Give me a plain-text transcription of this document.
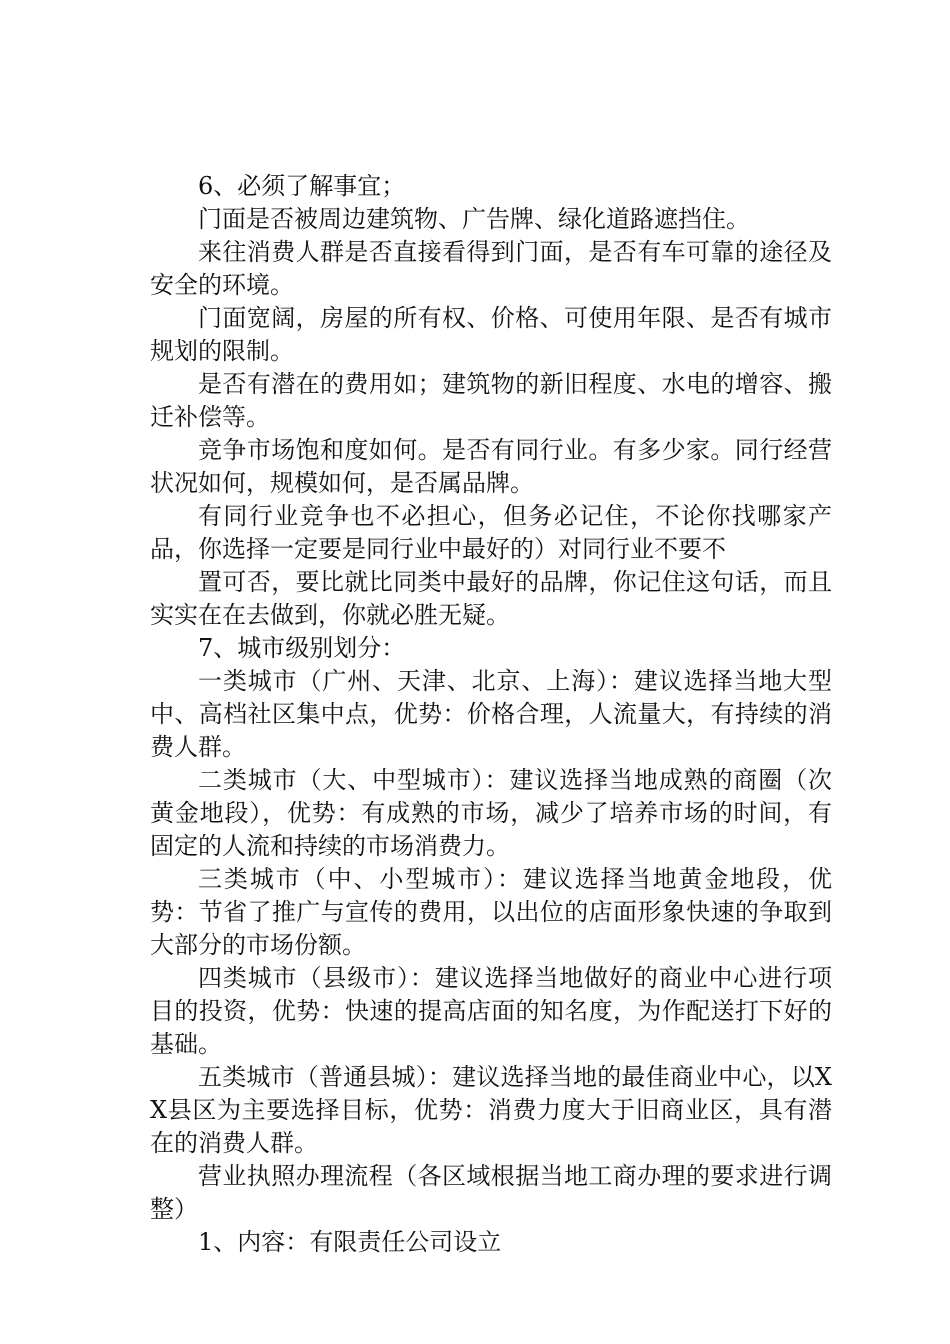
6、必须了解事宜；

门面是否被周边建筑物、广告牌、绿化道路遮挡住。

来往消费人群是否直接看得到门面，是否有车可靠的途径及安全的环境。

门面宽阔，房屋的所有权、价格、可使用年限、是否有城市规划的限制。

是否有潜在的费用如；建筑物的新旧程度、水电的增容、搬迁补偿等。

竞争市场饱和度如何。是否有同行业。有多少家。同行经营状况如何，规模如何，是否属品牌。

有同行业竞争也不必担心，但务必记住，不论你找哪家产品，你选择一定要是同行业中最好的）对同行业不要不

置可否，要比就比同类中最好的品牌，你记住这句话，而且实实在在去做到，你就必胜无疑。

7、城市级别划分：

一类城市（广州、天津、北京、上海）：建议选择当地大型中、高档社区集中点，优势：价格合理，人流量大，有持续的消费人群。

二类城市（大、中型城市）：建议选择当地成熟的商圈（次黄金地段），优势：有成熟的市场，减少了培养市场的时间，有固定的人流和持续的市场消费力。

三类城市（中、小型城市）：建议选择当地黄金地段，优势：节省了推广与宣传的费用，以出位的店面形象快速的争取到大部分的市场份额。

四类城市（县级市）：建议选择当地做好的商业中心进行项目的投资，优势：快速的提高店面的知名度，为作配送打下好的基础。

五类城市（普通县城）：建议选择当地的最佳商业中心，以XX县区为主要选择目标，优势：消费力度大于旧商业区，具有潜在的消费人群。

营业执照办理流程（各区域根据当地工商办理的要求进行调整）

1、内容：有限责任公司设立
